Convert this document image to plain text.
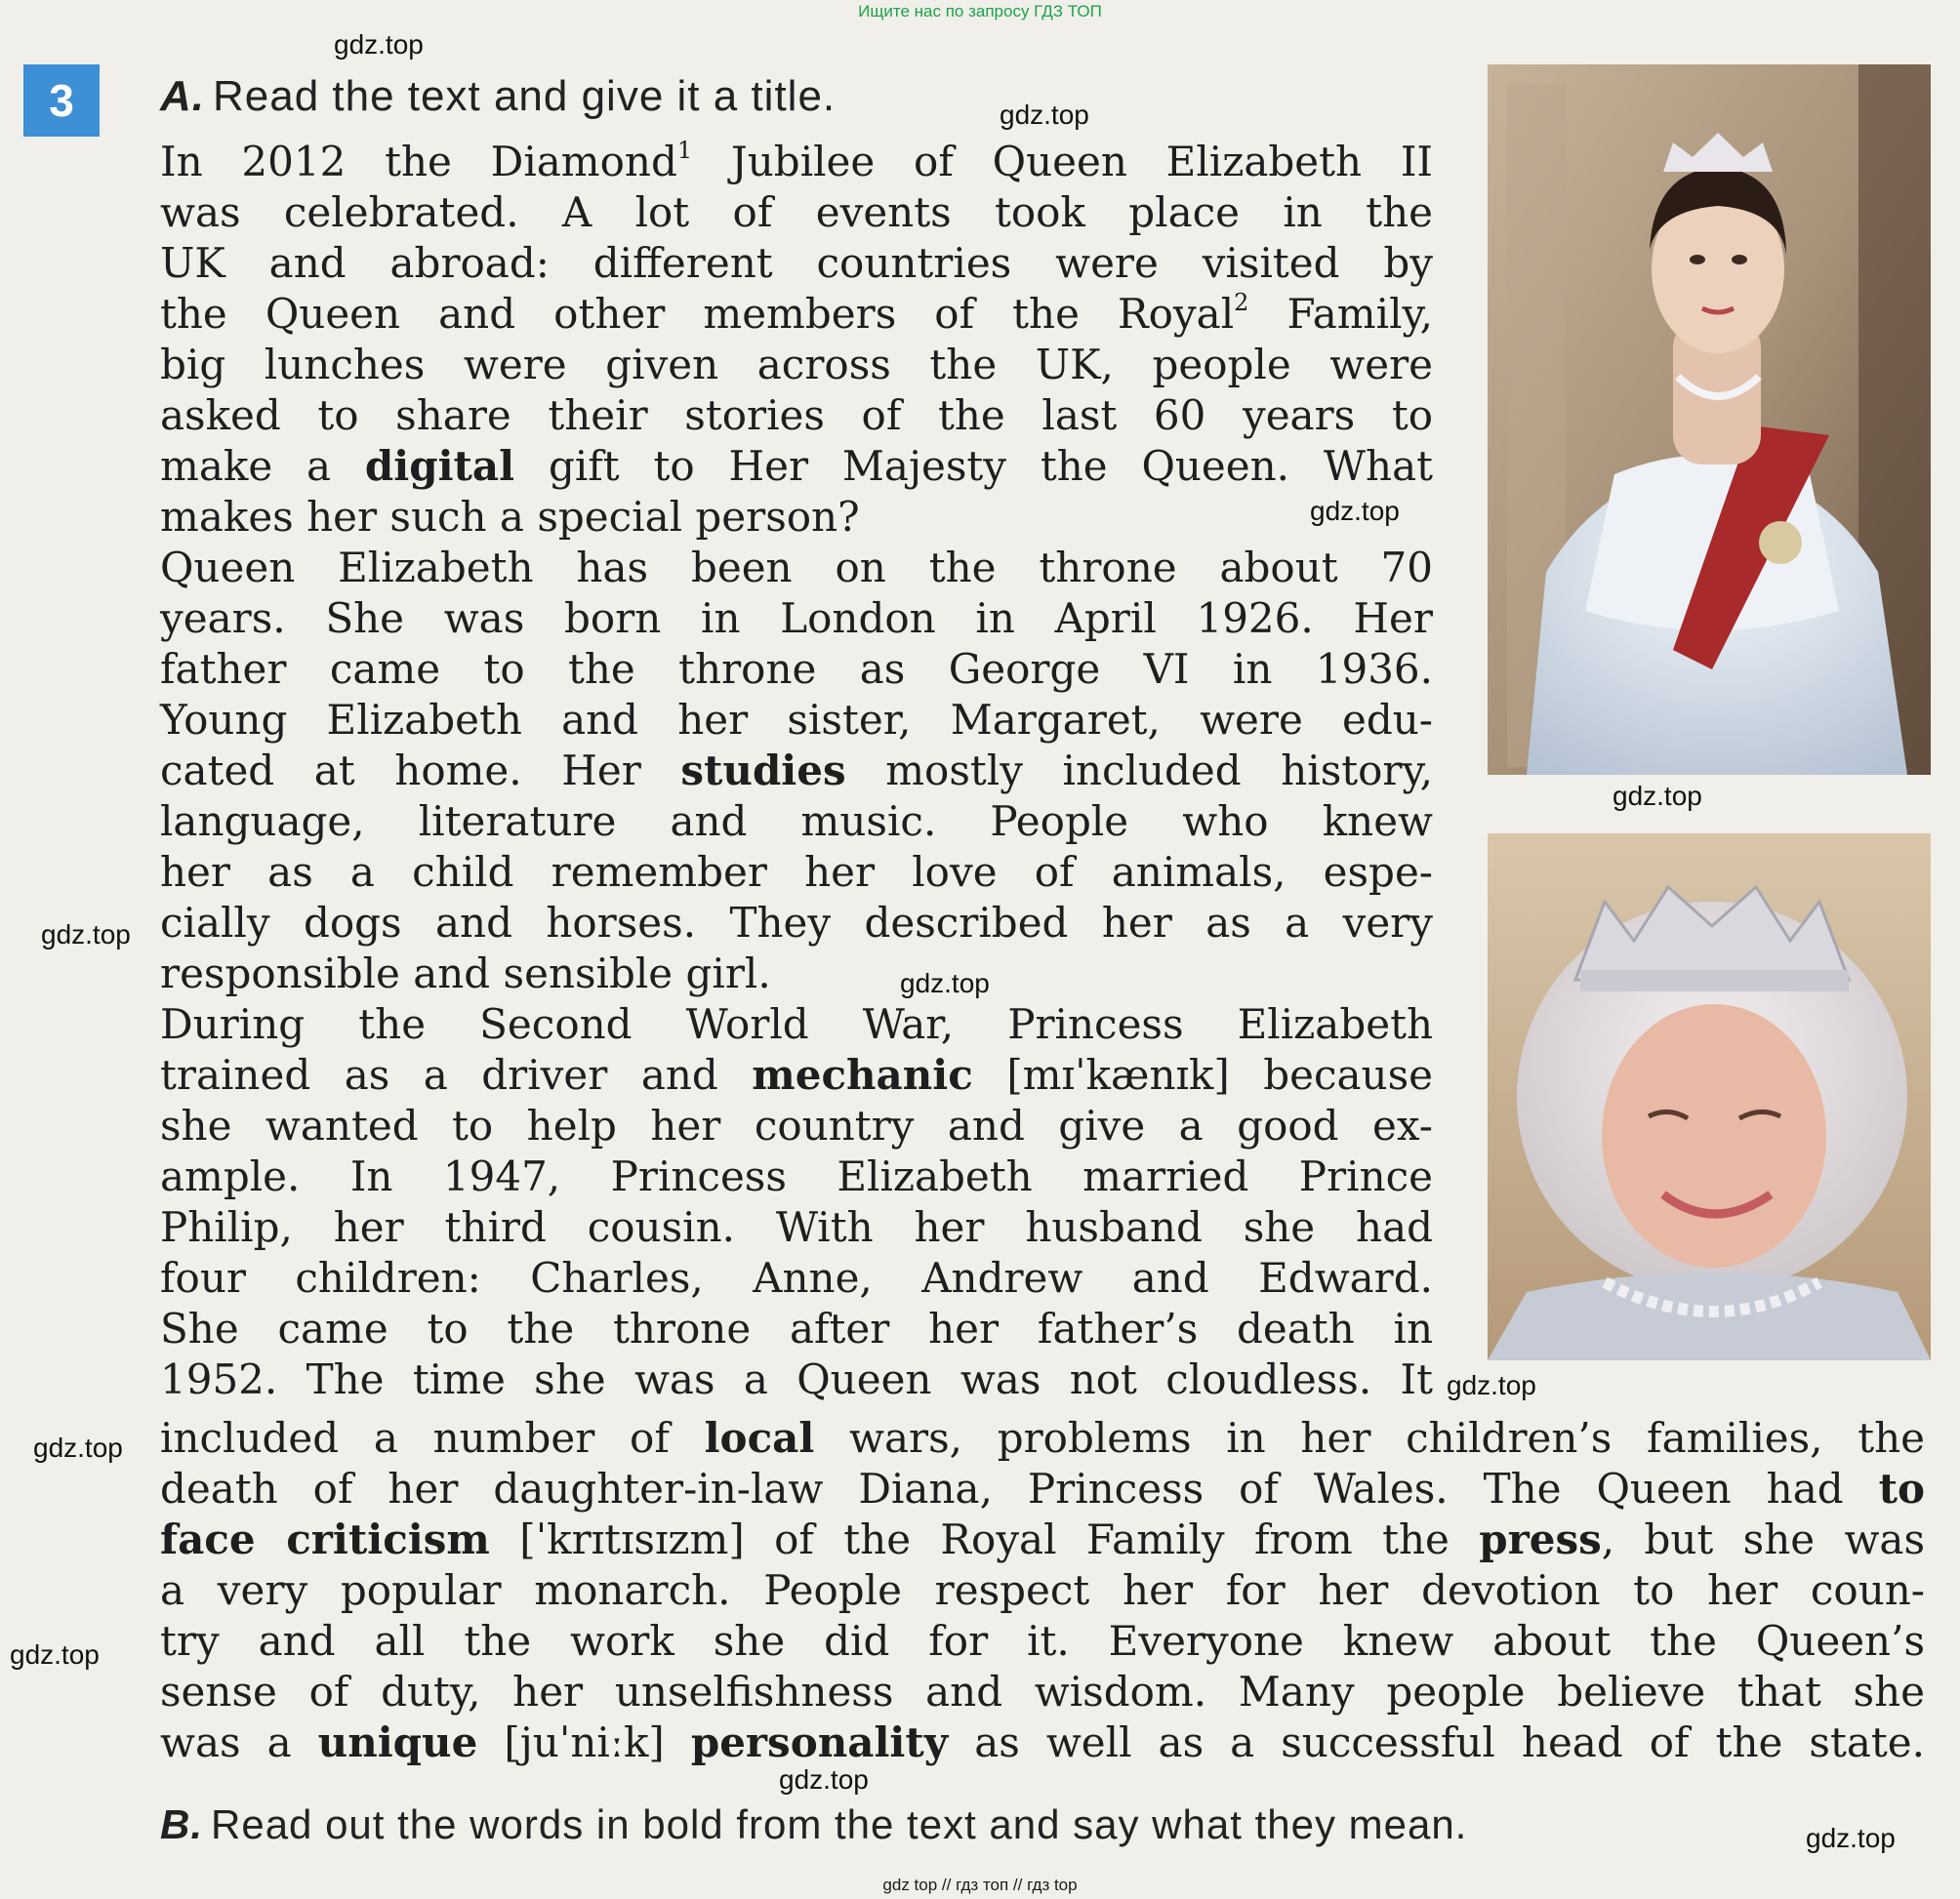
Ищите нас по запросу ГДЗ ТОП
3	A. Read the text and give it a title.
In 2012 the Diamond$^1$ Jubilee of Queen Elizabeth II
was celebrated. A lot of events took place in the
UK and abroad: different countries were visited by
the Queen and other members of the Royal$^2$ Family,
big lunches were given across the UK, people were
asked to share their stories of the last 60 years to
make a digital gift to Her Majesty the Queen. What
makes her such a special person?
Queen Elizabeth has been on the throne about 70
years. She was born in London in April 1926. Her
father came to the throne as George VI in 1936.
Young Elizabeth and her sister, Margaret, were edu-
cated at home. Her studies mostly included history,
language, literature and music. People who knew
her as a child remember her love of animals, espe-
cially dogs and horses. They described her as a very
responsible and sensible girl.
During the Second World War, Princess Elizabeth
trained as a driver and mechanic [mɪˈkænɪk] because
she wanted to help her country and give a good ex-
ample. In 1947, Princess Elizabeth married Prince
Philip, her third cousin. With her husband she had
four children: Charles, Anne, Andrew and Edward.
She came to the throne after her father’s death in
1952. The time she was a Queen was not cloudless. It
included a number of local wars, problems in her children’s families, the
death of her daughter-in-law Diana, Princess of Wales. The Queen had to
face criticism [ˈkrɪtɪsɪzm] of the Royal Family from the press, but she was
a very popular monarch. People respect her for her devotion to her coun-
try and all the work she did for it. Everyone knew about the Queen’s
sense of duty, her unselfishness and wisdom. Many people believe that she
was a unique [juˈniːk] personality as well as a successful head of the state.
B. Read out the words in bold from the text and say what they mean.
gdz.top
gdz.top
gdz.top
gdz.top
gdz.top
gdz.top
gdz.top
gdz.top
gdz.top
gdz.top
gdz.top
gdz top // гдз топ // гдз top
